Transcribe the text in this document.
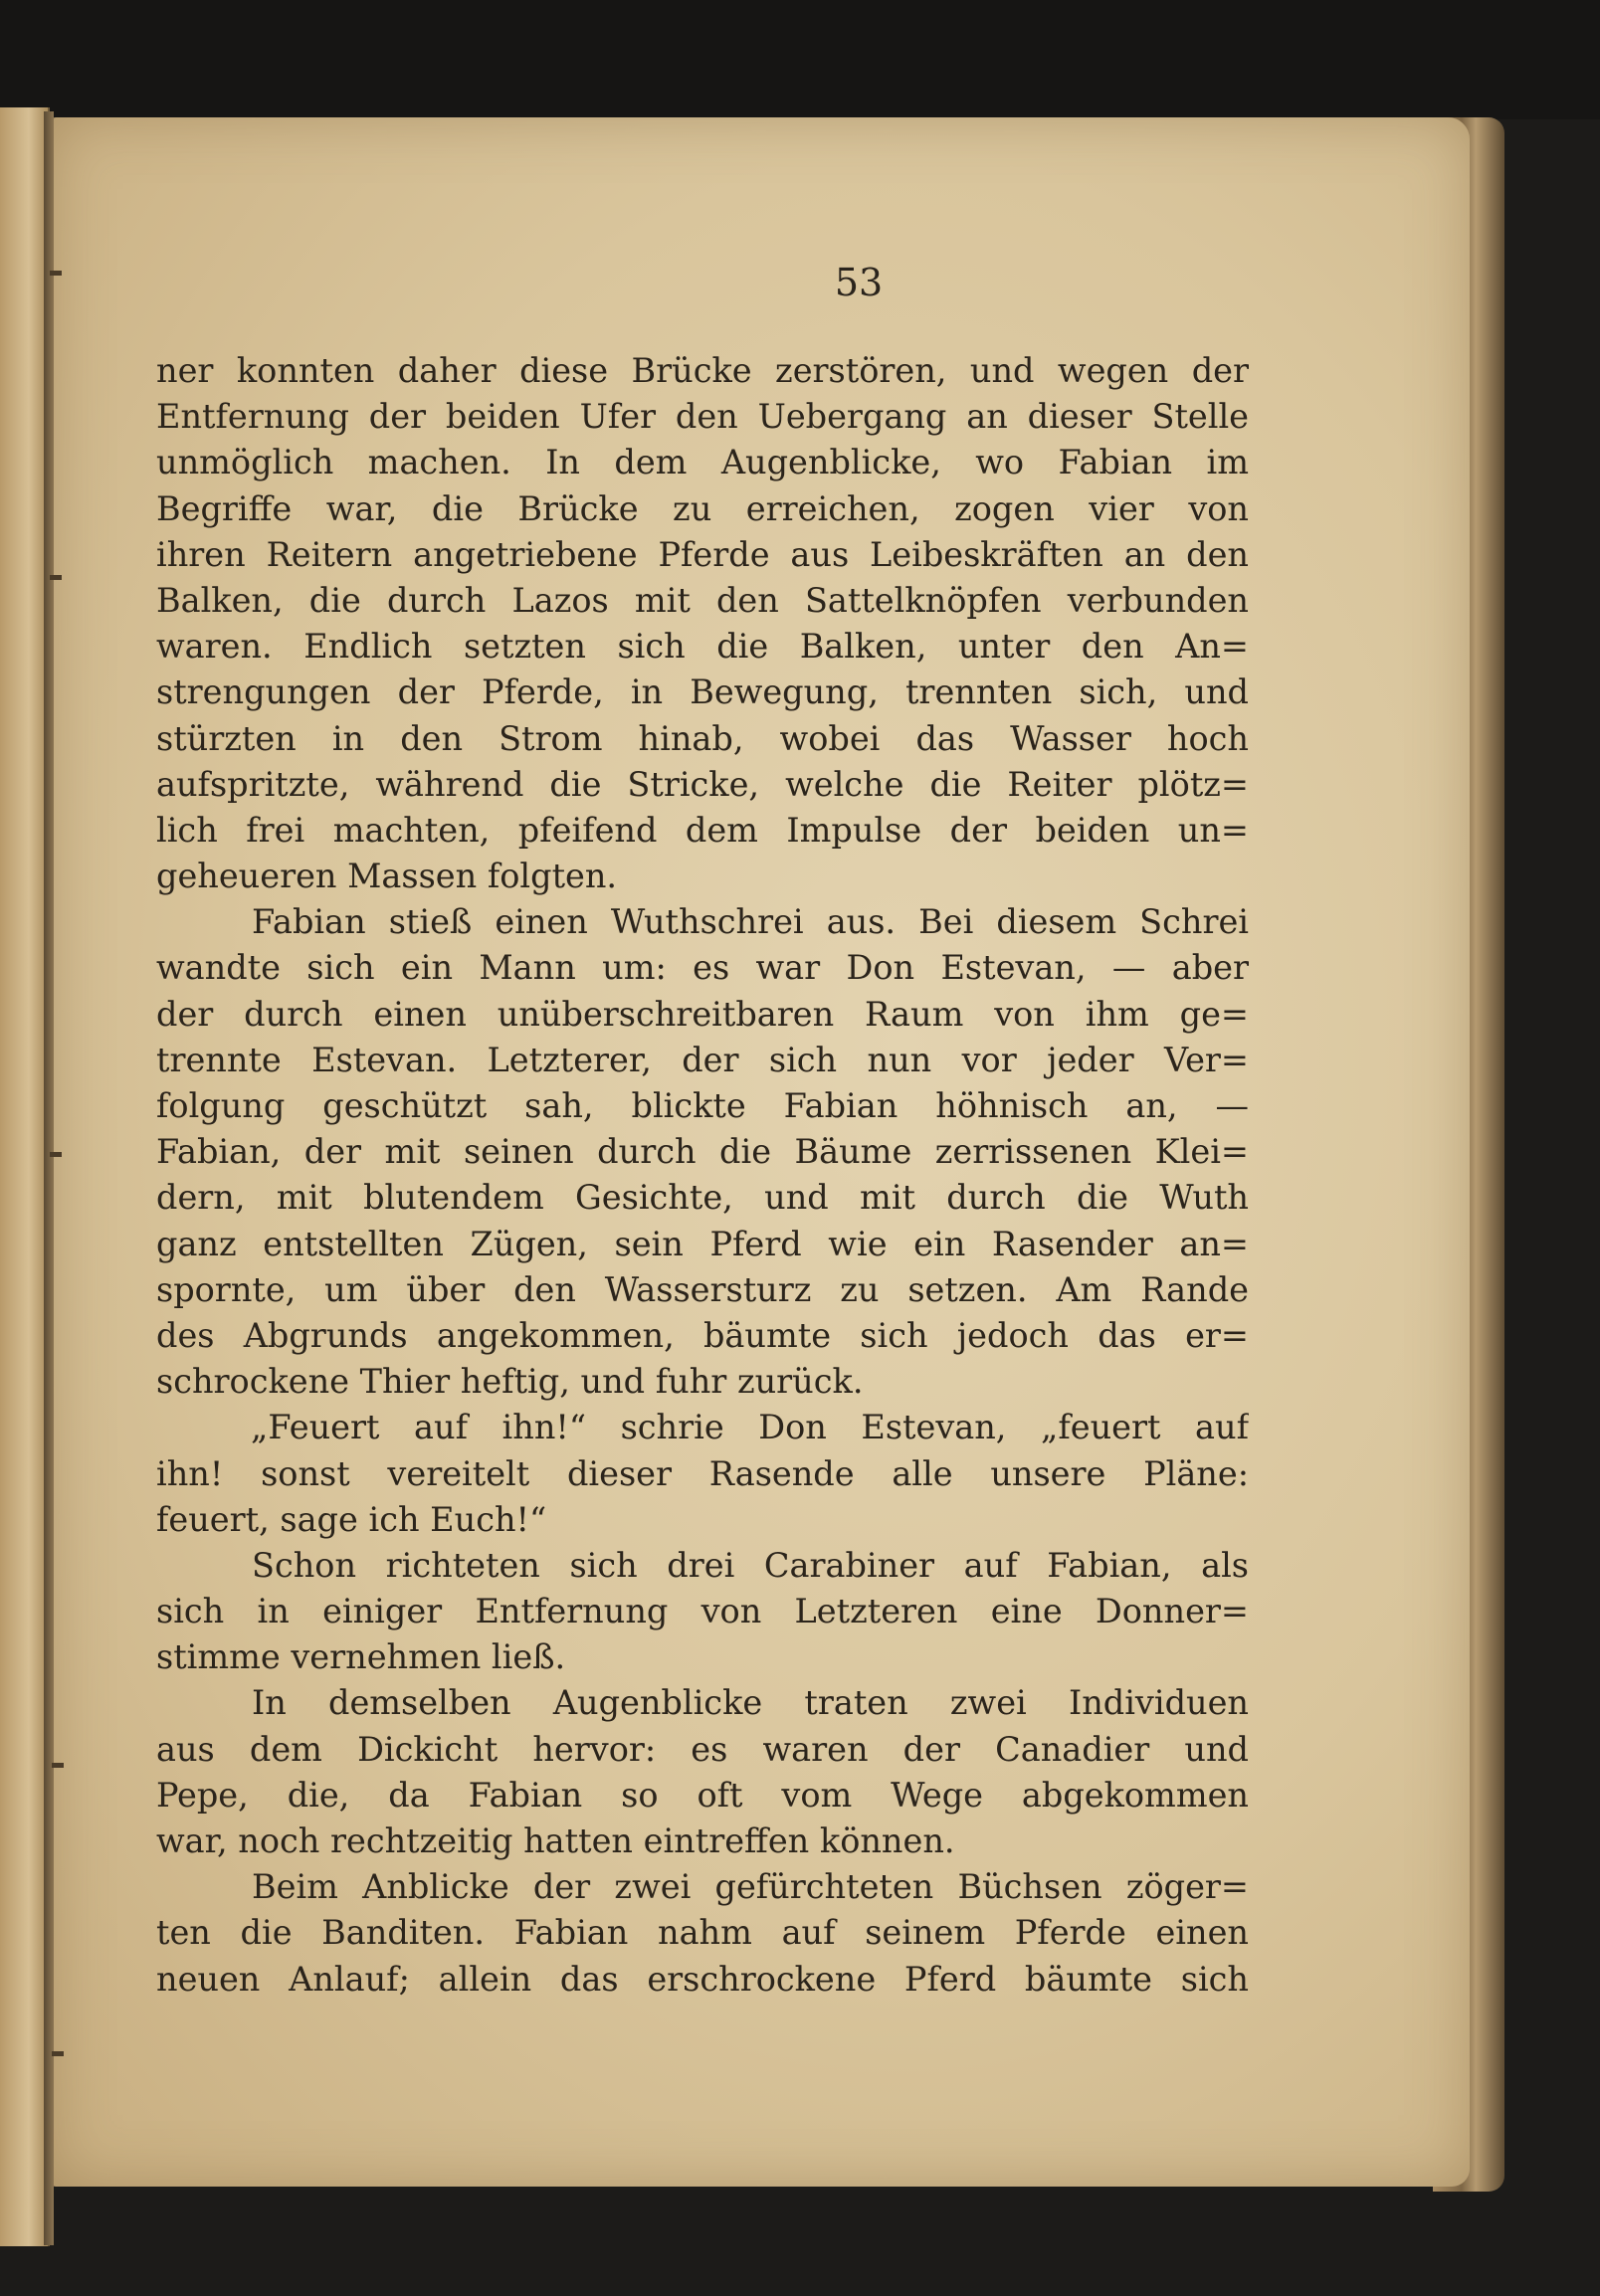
53

ner konnten daher diese Brücke zerstören, und wegen der
Entfernung der beiden Ufer den Uebergang an dieser Stelle
unmöglich machen. In dem Augenblicke, wo Fabian im
Begriffe war, die Brücke zu erreichen, zogen vier von
ihren Reitern angetriebene Pferde aus Leibeskräften an den
Balken, die durch Lazos mit den Sattelknöpfen verbunden
waren. Endlich setzten sich die Balken, unter den An=
strengungen der Pferde, in Bewegung, trennten sich, und
stürzten in den Strom hinab, wobei das Wasser hoch
aufspritzte, während die Stricke, welche die Reiter plötz=
lich frei machten, pfeifend dem Impulse der beiden un=
geheueren Massen folgten.
Fabian stieß einen Wuthschrei aus. Bei diesem Schrei
wandte sich ein Mann um: es war Don Estevan, — aber
der durch einen unüberschreitbaren Raum von ihm ge=
trennte Estevan. Letzterer, der sich nun vor jeder Ver=
folgung geschützt sah, blickte Fabian höhnisch an, —
Fabian, der mit seinen durch die Bäume zerrissenen Klei=
dern, mit blutendem Gesichte, und mit durch die Wuth
ganz entstellten Zügen, sein Pferd wie ein Rasender an=
spornte, um über den Wassersturz zu setzen. Am Rande
des Abgrunds angekommen, bäumte sich jedoch das er=
schrockene Thier heftig, und fuhr zurück.
„Feuert auf ihn!“ schrie Don Estevan, „feuert auf
ihn! sonst vereitelt dieser Rasende alle unsere Pläne:
feuert, sage ich Euch!“
Schon richteten sich drei Carabiner auf Fabian, als
sich in einiger Entfernung von Letzteren eine Donner=
stimme vernehmen ließ.
In demselben Augenblicke traten zwei Individuen
aus dem Dickicht hervor: es waren der Canadier und
Pepe, die, da Fabian so oft vom Wege abgekommen
war, noch rechtzeitig hatten eintreffen können.
Beim Anblicke der zwei gefürchteten Büchsen zöger=
ten die Banditen. Fabian nahm auf seinem Pferde einen
neuen Anlauf; allein das erschrockene Pferd bäumte sich
